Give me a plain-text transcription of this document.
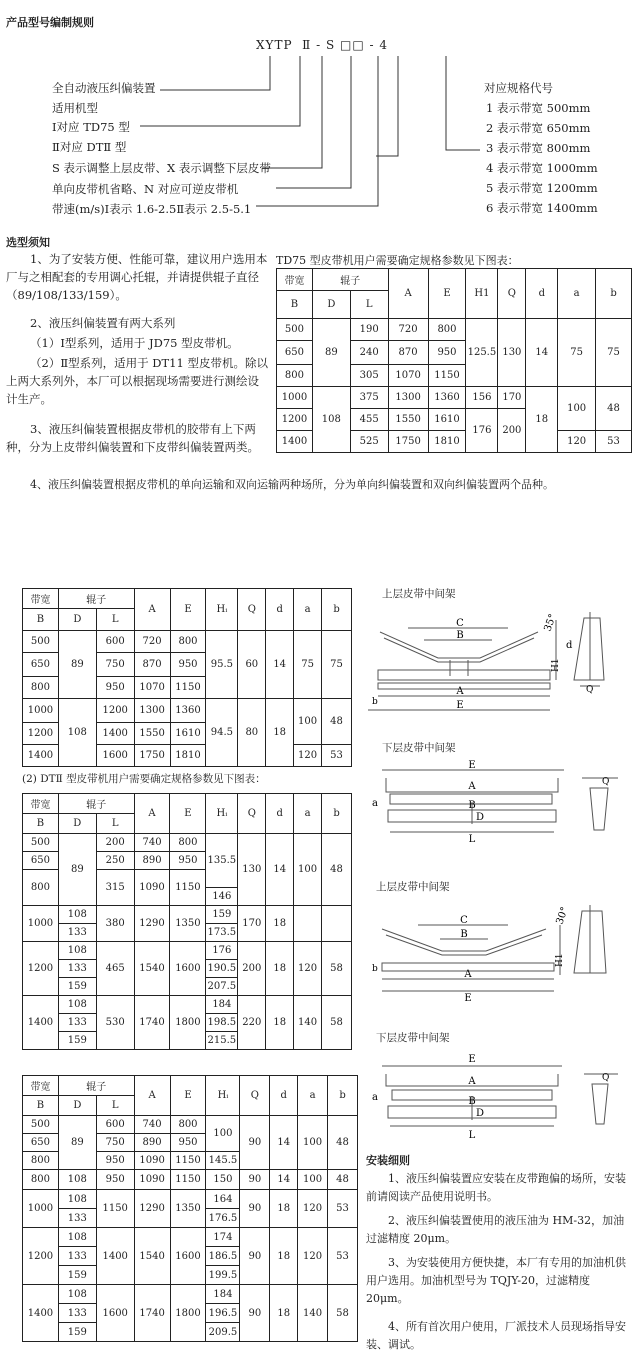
产品型号编制规则
XYTP  Ⅱ - S □□ - 4
全自动液压纠偏装置
适用机型
Ⅰ对应 TD75 型
Ⅱ对应 DTⅡ 型
S 表示调整上层皮带、X 表示调整下层皮带
单向皮带机省略、N 对应可逆皮带机
带速(m/s)Ⅰ表示 1.6-2.5Ⅱ表示 2.5-5.1
对应规格代号
1 表示带宽 500mm
2 表示带宽 650mm
3 表示带宽 800mm
4 表示带宽 1000mm
5 表示带宽 1200mm
6 表示带宽 1400mm
选型须知
1、为了安装方便、性能可靠，建议用户选用本厂与之相配套的专用调心托辊，并请提供辊子直径（89/108/133/159）。
2、液压纠偏装置有两大系列
（1）Ⅰ型系列，适用于 JD75 型皮带机。
（2）Ⅱ型系列，适用于 DT11 型皮带机。除以上两大系列外，本厂可以根据现场需要进行测绘设计生产。
3、液压纠偏装置根据皮带机的胶带有上下两种，分为上皮带纠偏装置和下皮带纠偏装置两类。
4、液压纠偏装置根据皮带机的单向运输和双向运输两种场所，分为单向纠偏装置和双向纠偏装置两个品种。
TD75 型皮带机用户需要确定规格参数见下图表：
带宽	辊子		A	E	H1	Q	d	a	b
B	D	L							
500	89	190	720	800	125.5	130	14	75	75
650		240	870	950					
800		305	1070	1150					
1000	108	375	1300	1360	156	170	18	100	48
1200		455	1550	1610	176	200			
1400		525	1750	1810				120	53
带宽	辊子		A	E	Hᵢ	Q	d	a	b
B	D	L							
500	89	600	720	800	95.5	60	14	75	75
650		750	870	950					
800		950	1070	1150					
1000	108	1200	1300	1360	94.5	80	18	100	48
1200		1400	1550	1610					
1400		1600	1750	1810				120	53
(2) DTⅡ 型皮带机用户需要确定规格参数见下图表：
带宽	辊子		A	E	Hᵢ	Q	d	a	b
B	D	L							
500	89	200	740	800	135.5	130	14	100	48
650		250	890	950					
800		315	1090	1150					
					146				
1000	108	380	1290	1350	159	170	18		
	133				173.5				
1200	108	465	1540	1600	176	200	18	120	58
	133				190.5				
	159				207.5				
1400	108	530	1740	1800	184	220	18	140	58
	133				198.5				
	159				215.5				
带宽	辊子		A	E	Hᵢ	Q	d	a	b
B	D	L							
500	89	600	740	800	100	90	14	100	48
650		750	890	950					
800		950	1090	1150	145.5				
800	108	950	1090	1150	150	90	14	100	48
1000	108	1150	1290	1350	164	90	18	120	53
	133				176.5				
1200	108	1400	1540	1600	174	90	18	120	53
	133				186.5				
	159				199.5				
1400	108	1600	1740	1800	184	90	18	140	58
	133				196.5				
	159				209.5				
上层皮带中间架
下层皮带中间架
上层皮带中间架
下层皮带中间架
C
B
A
E
35°
d
H1
Q
b
E
A
B
D
L
a
Q
C
B
A
E
30°
H1
b
E
A
B
D
L
a
Q
安装细则
1、液压纠偏装置应安装在皮带跑偏的场所，安装前请阅读产品使用说明书。
2、液压纠偏装置使用的液压油为 HM-32，加油过滤精度 20μm。
3、为安装使用方便快捷，本厂有专用的加油机供用户选用。加油机型号为 TQJY-20，过滤精度 20μm。
4、所有首次用户使用，厂派技术人员现场指导安装、调试。
